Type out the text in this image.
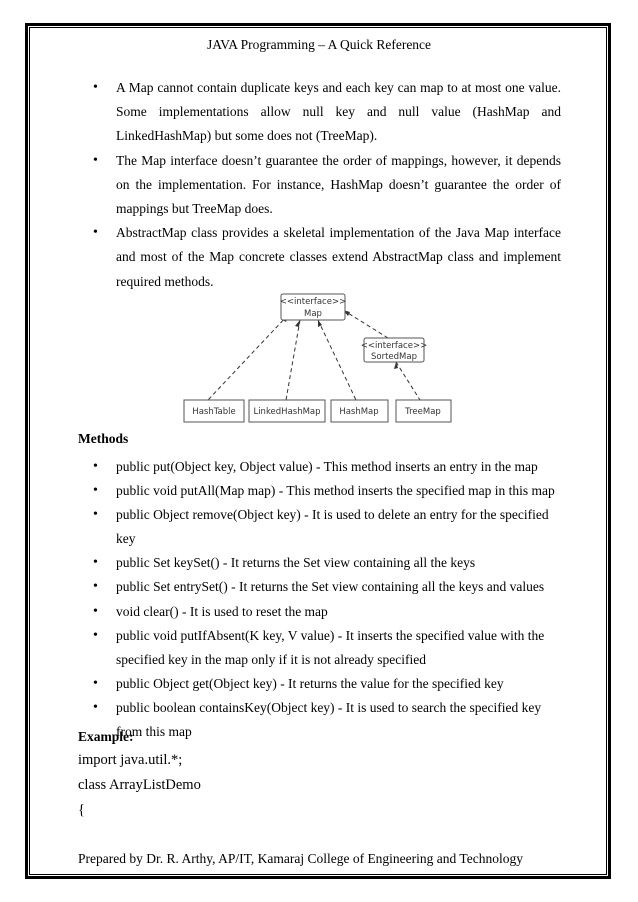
JAVA Programming – A Quick Reference
• A Map cannot contain duplicate keys and each key can map to at most one value. Some implementations allow null key and null value (HashMap and LinkedHashMap) but some does not (TreeMap).
• The Map interface doesn’t guarantee the order of mappings, however, it depends on the implementation. For instance, HashMap doesn’t guarantee the order of mappings but TreeMap does.
• AbstractMap class provides a skeletal implementation of the Java Map interface and most of the Map concrete classes extend AbstractMap class and implement required methods.
<<interface>>
Map
<<interface>>
SortedMap
HashTable LinkedHashMap HashMap	TreeMap
Methods
• public put(Object key, Object value) - This method inserts an entry in the map
• public void putAll(Map map) - This method inserts the specified map in this map
• public Object remove(Object key) - It is used to delete an entry for the specified key
• public Set keySet() - It returns the Set view containing all the keys
• public Set entrySet() - It returns the Set view containing all the keys and values
• void clear() - It is used to reset the map
• public void putIfAbsent(K key, V value) - It inserts the specified value with the specified key in the map only if it is not already specified
• public Object get(Object key) - It returns the value for the specified key
• public boolean containsKey(Object key) - It is used to search the specified key from this map
Example:
import java.util.*;
class ArrayListDemo
{
Prepared by Dr. R. Arthy, AP/IT, Kamaraj College of Engineering and Technology
